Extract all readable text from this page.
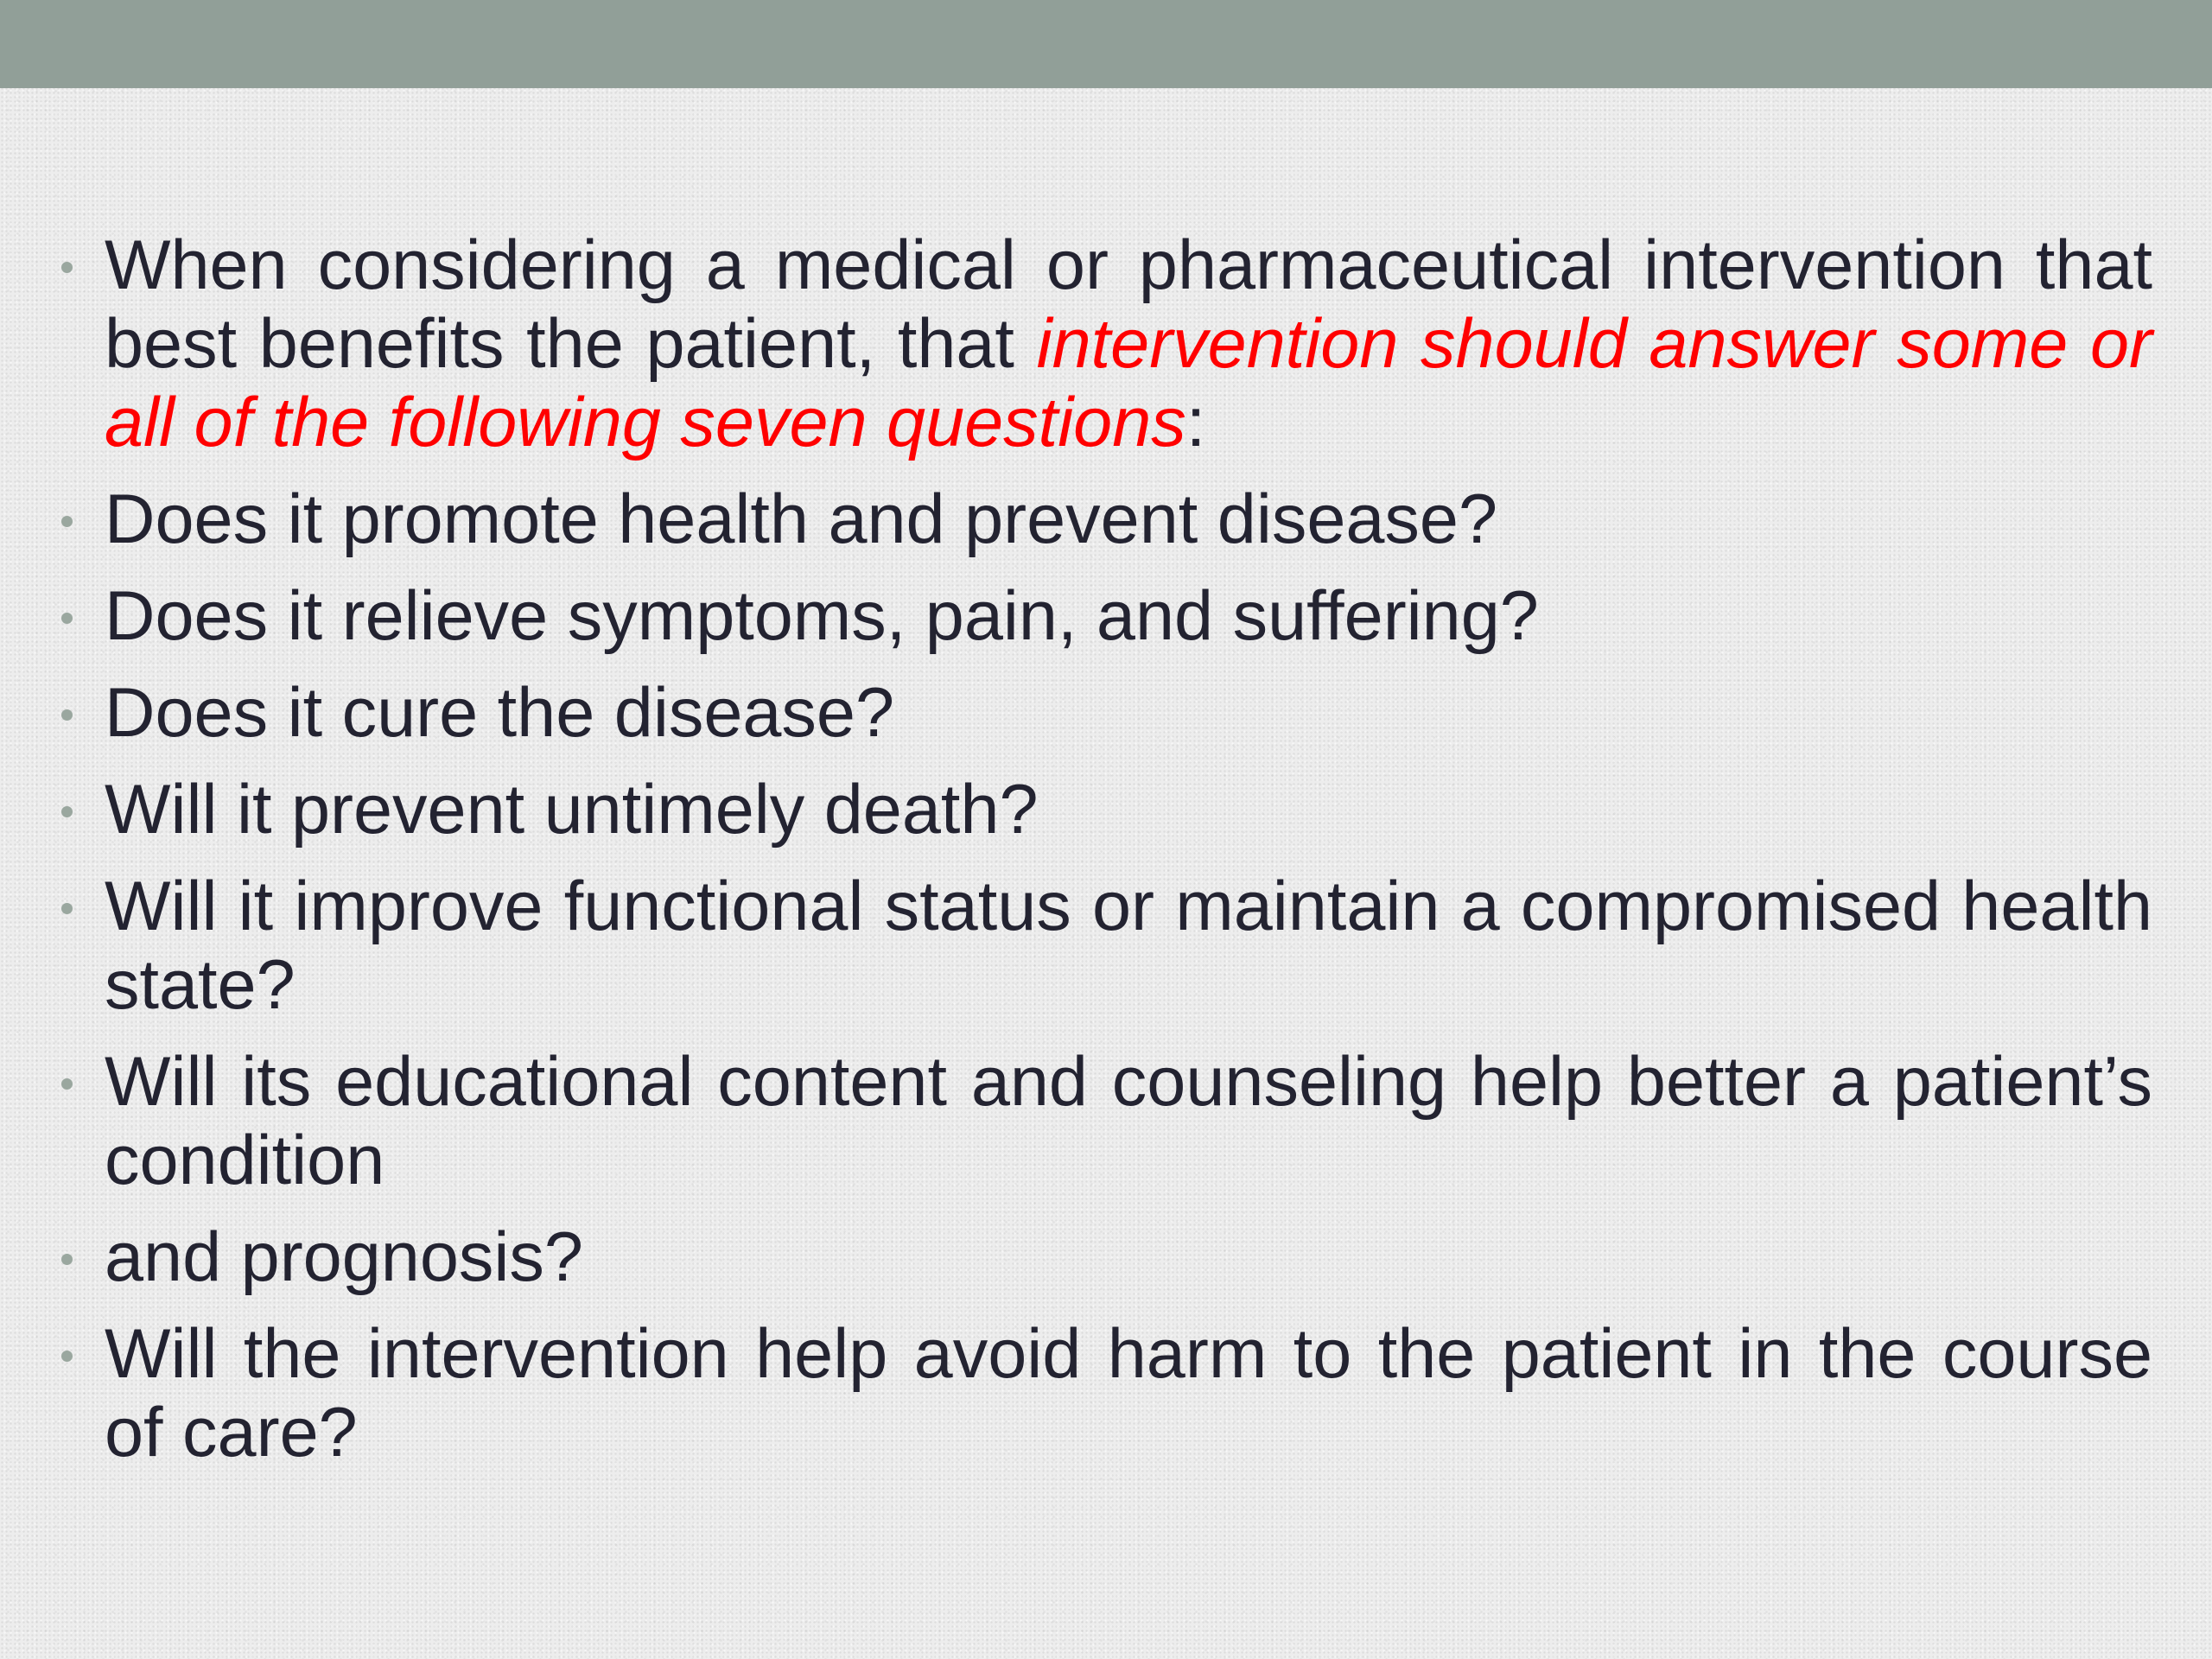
When considering a medical or pharmaceutical intervention that best benefits the patient, that intervention should answer some or all of the following seven questions:
Does it promote health and prevent disease?
Does it relieve symptoms, pain, and suffering?
Does it cure the disease?
Will it prevent untimely death?
Will it improve functional status or maintain a compromised health state?
Will its educational content and counseling help better a patient’s condition
and prognosis?
Will the intervention help avoid harm to the patient in the course of care?
